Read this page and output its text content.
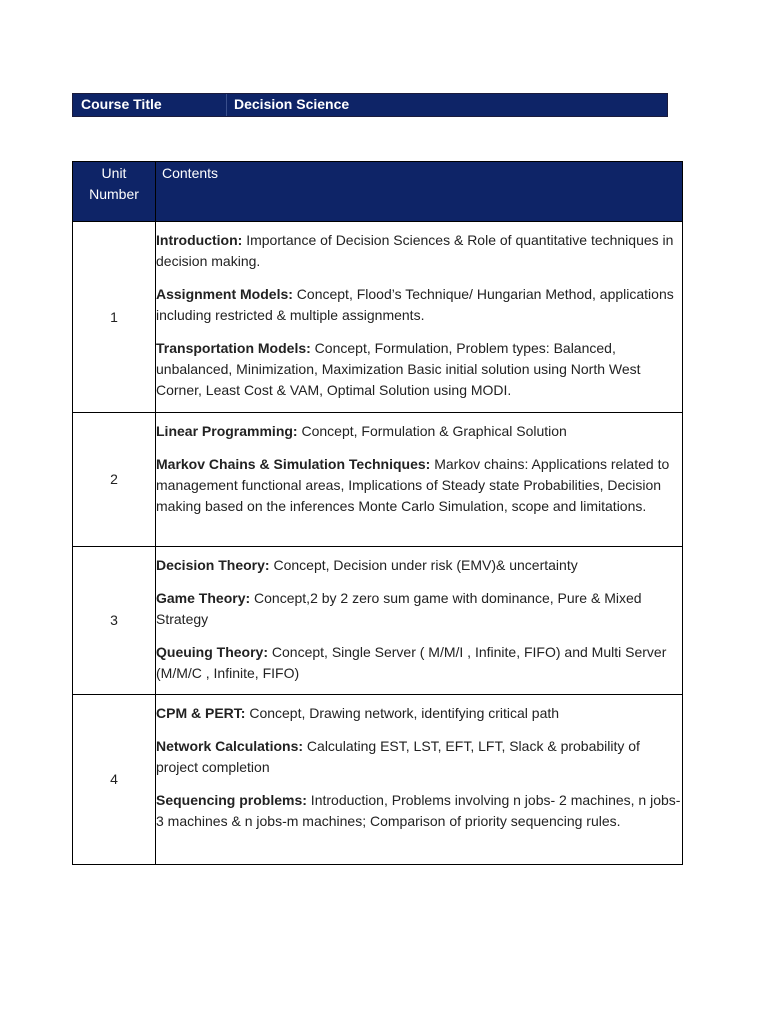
Course Title	Decision Science
Unit
Number	Contents
1	Introduction: Importance of Decision Sciences & Role of quantitative techniques in decision making.

Assignment Models: Concept, Flood’s Technique/ Hungarian Method, applications including restricted & multiple assignments.

Transportation Models: Concept, Formulation, Problem types: Balanced, unbalanced, Minimization, Maximization Basic initial solution using North West Corner, Least Cost & VAM, Optimal Solution using MODI.

2	Linear Programming: Concept, Formulation & Graphical Solution

Markov Chains & Simulation Techniques: Markov chains: Applications related to management functional areas, Implications of Steady state Probabilities, Decision making based on the inferences Monte Carlo Simulation, scope and limitations.

3	Decision Theory: Concept, Decision under risk (EMV)& uncertainty

Game Theory: Concept,2 by 2 zero sum game with dominance, Pure & Mixed Strategy

Queuing Theory: Concept, Single Server ( M/M/I , Infinite, FIFO) and Multi Server (M/M/C , Infinite, FIFO)

4	CPM & PERT: Concept, Drawing network, identifying critical path

Network Calculations: Calculating EST, LST, EFT, LFT, Slack & probability of project completion

Sequencing problems: Introduction, Problems involving n jobs- 2 machines, n jobs- 3 machines & n jobs-m machines; Comparison of priority sequencing rules.
